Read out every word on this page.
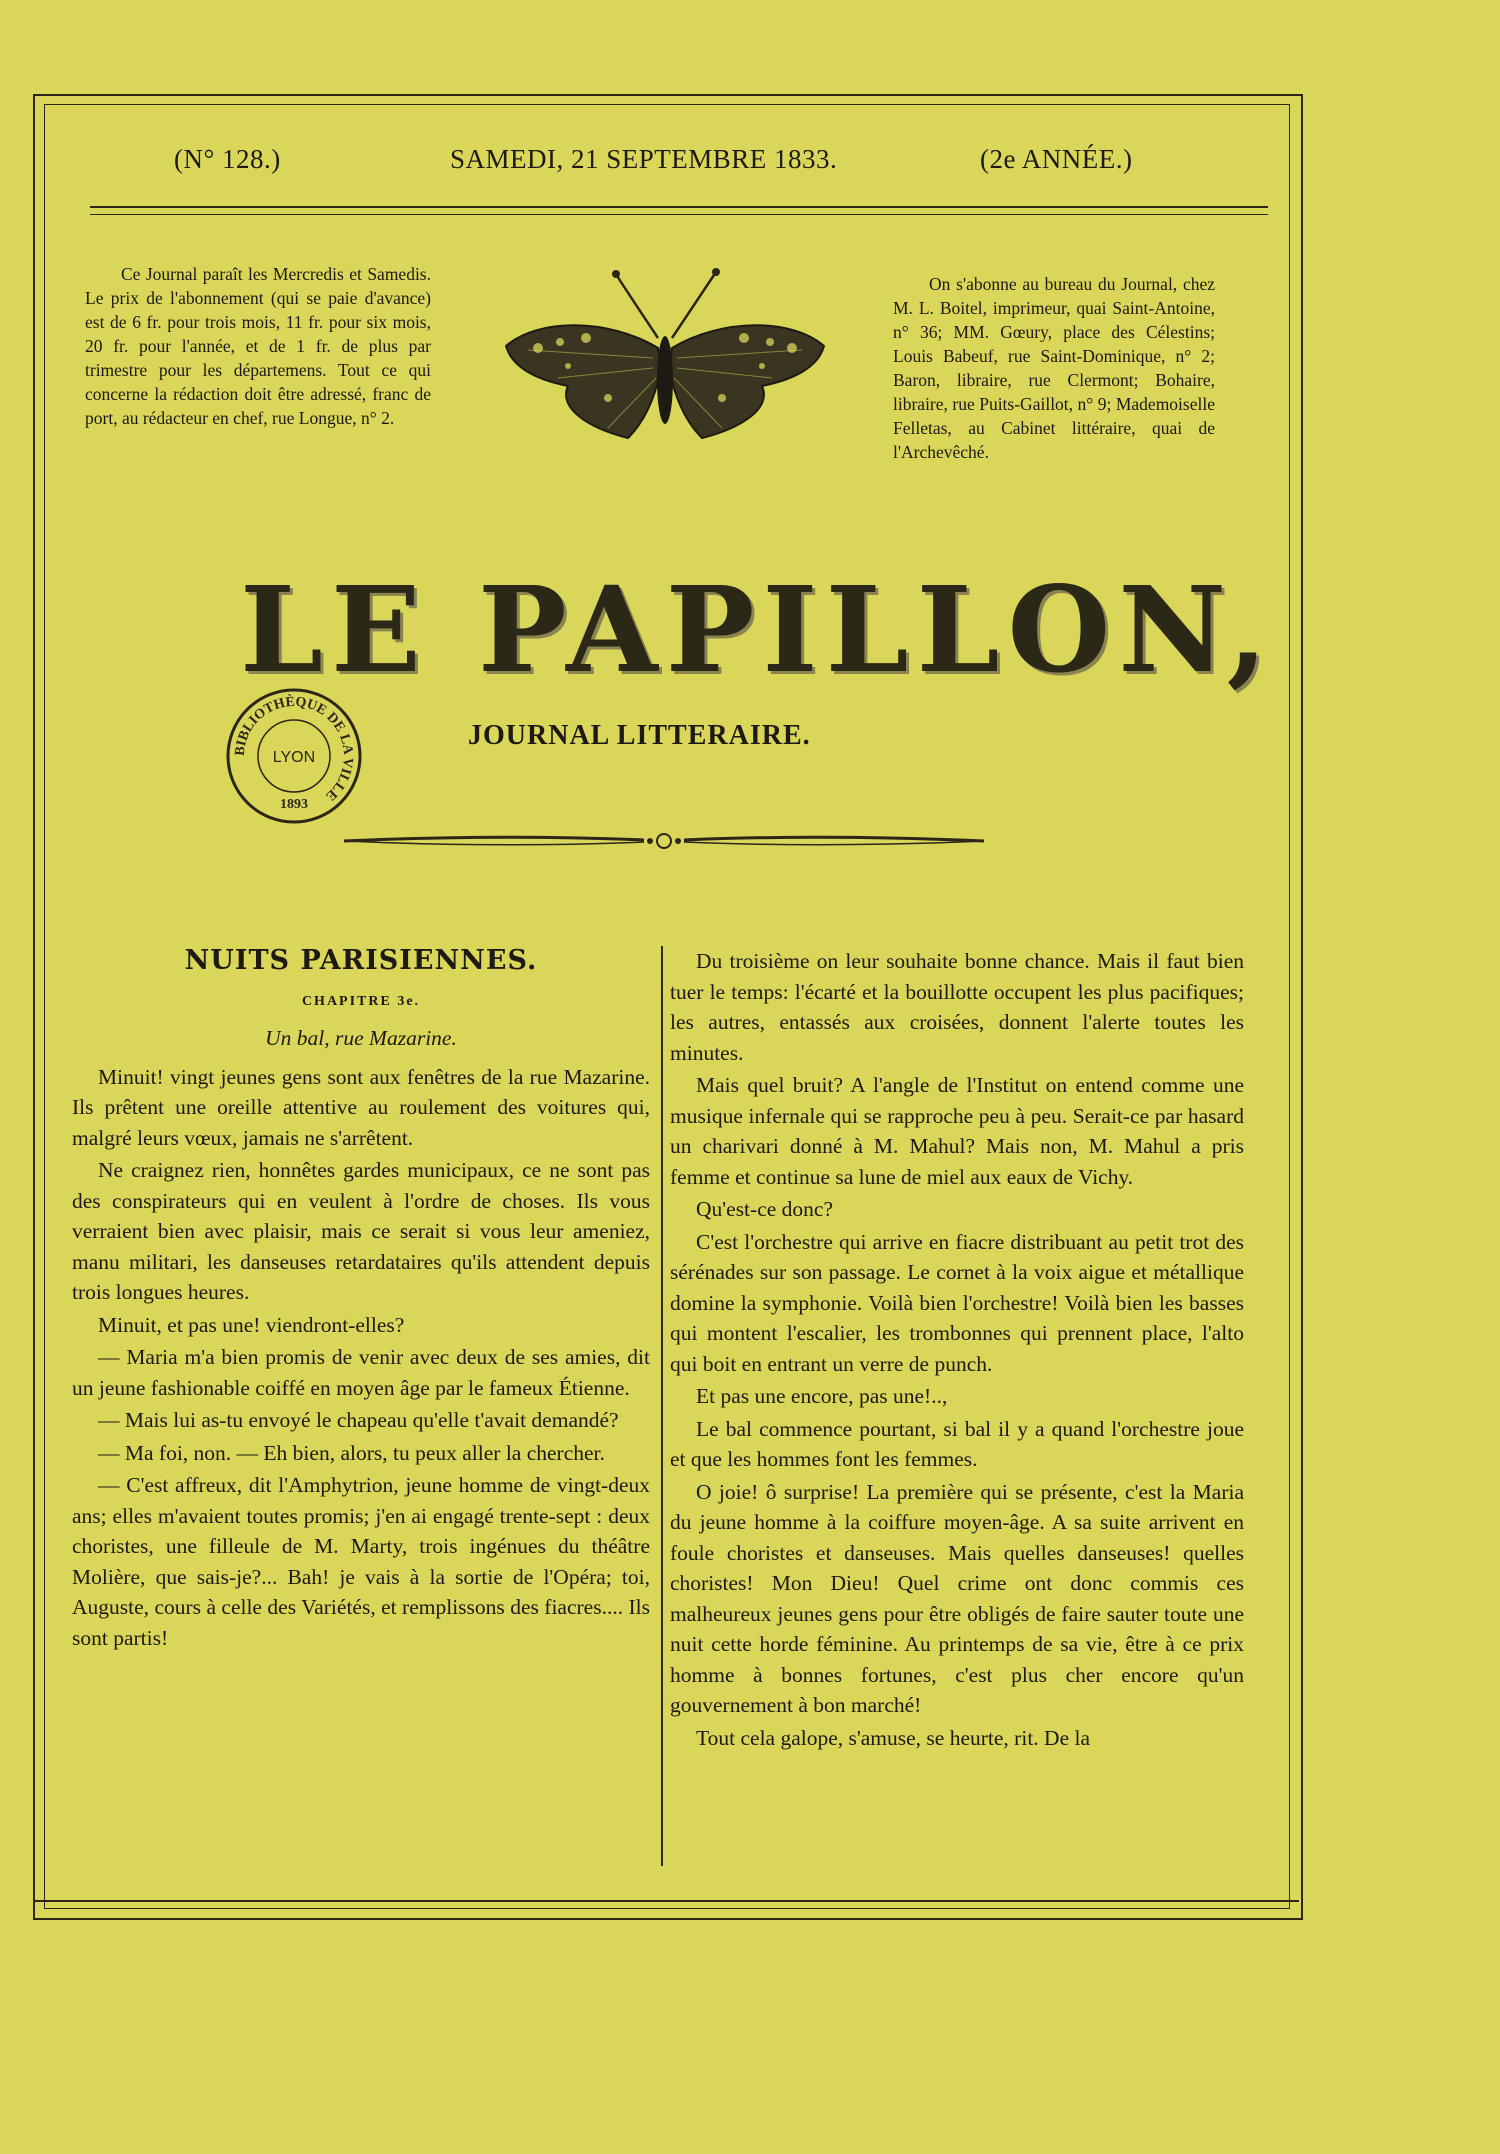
(N° 128.)	SAMEDI, 21 SEPTEMBRE 1833.	(2e ANNÉE.)
Ce Journal paraît les Mercredis et Samedis. Le prix de l'abonnement (qui se paie d'avance) est de 6 fr. pour trois mois, 11 fr. pour six mois, 20 fr. pour l'année, et de 1 fr. de plus par trimestre pour les départemens. Tout ce qui concerne la rédaction doit être adressé, franc de port, au rédacteur en chef, rue Longue, n° 2.
On s'abonne au bureau du Journal, chez M. L. Boitel, imprimeur, quai Saint-Antoine, n° 36; MM. Gœury, place des Célestins; Louis Babeuf, rue Saint-Dominique, n° 2; Baron, libraire, rue Clermont; Bohaire, libraire, rue Puits-Gaillot, n° 9; Mademoiselle Felletas, au Cabinet littéraire, quai de l'Archevêché.
LE PAPILLON,
JOURNAL LITTERAIRE.
BIBLIOTHÈQUE DE LA VILLE
LYON
1893
NUITS PARISIENNES.
CHAPITRE 3e.
Un bal, rue Mazarine.

Minuit! vingt jeunes gens sont aux fenêtres de la rue Mazarine. Ils prêtent une oreille attentive au roulement des voitures qui, malgré leurs vœux, jamais ne s'arrêtent.

Ne craignez rien, honnêtes gardes municipaux, ce ne sont pas des conspirateurs qui en veulent à l'ordre de choses. Ils vous verraient bien avec plaisir, mais ce serait si vous leur ameniez, manu militari, les danseuses retardataires qu'ils attendent depuis trois longues heures.

Minuit, et pas une! viendront-elles?

— Maria m'a bien promis de venir avec deux de ses amies, dit un jeune fashionable coiffé en moyen âge par le fameux Étienne.

— Mais lui as-tu envoyé le chapeau qu'elle t'avait demandé?

— Ma foi, non. — Eh bien, alors, tu peux aller la chercher.

— C'est affreux, dit l'Amphytrion, jeune homme de vingt-deux ans; elles m'avaient toutes promis; j'en ai engagé trente-sept : deux choristes, une filleule de M. Marty, trois ingénues du théâtre Molière, que sais-je?... Bah! je vais à la sortie de l'Opéra; toi, Auguste, cours à celle des Variétés, et remplissons des fiacres.... Ils sont partis!

Du troisième on leur souhaite bonne chance. Mais il faut bien tuer le temps: l'écarté et la bouillotte occupent les plus pacifiques; les autres, entassés aux croisées, donnent l'alerte toutes les minutes.

Mais quel bruit? A l'angle de l'Institut on entend comme une musique infernale qui se rapproche peu à peu. Serait-ce par hasard un charivari donné à M. Mahul? Mais non, M. Mahul a pris femme et continue sa lune de miel aux eaux de Vichy.

Qu'est-ce donc?

C'est l'orchestre qui arrive en fiacre distribuant au petit trot des sérénades sur son passage. Le cornet à la voix aigue et métallique domine la symphonie. Voilà bien l'orchestre! Voilà bien les basses qui montent l'escalier, les trombonnes qui prennent place, l'alto qui boit en entrant un verre de punch.

Et pas une encore, pas une!..,

Le bal commence pourtant, si bal il y a quand l'orchestre joue et que les hommes font les femmes.

O joie! ô surprise! La première qui se présente, c'est la Maria du jeune homme à la coiffure moyen-âge. A sa suite arrivent en foule choristes et danseuses. Mais quelles danseuses! quelles choristes! Mon Dieu! Quel crime ont donc commis ces malheureux jeunes gens pour être obligés de faire sauter toute une nuit cette horde féminine. Au printemps de sa vie, être à ce prix homme à bonnes fortunes, c'est plus cher encore qu'un gouvernement à bon marché!

Tout cela galope, s'amuse, se heurte, rit. De la
